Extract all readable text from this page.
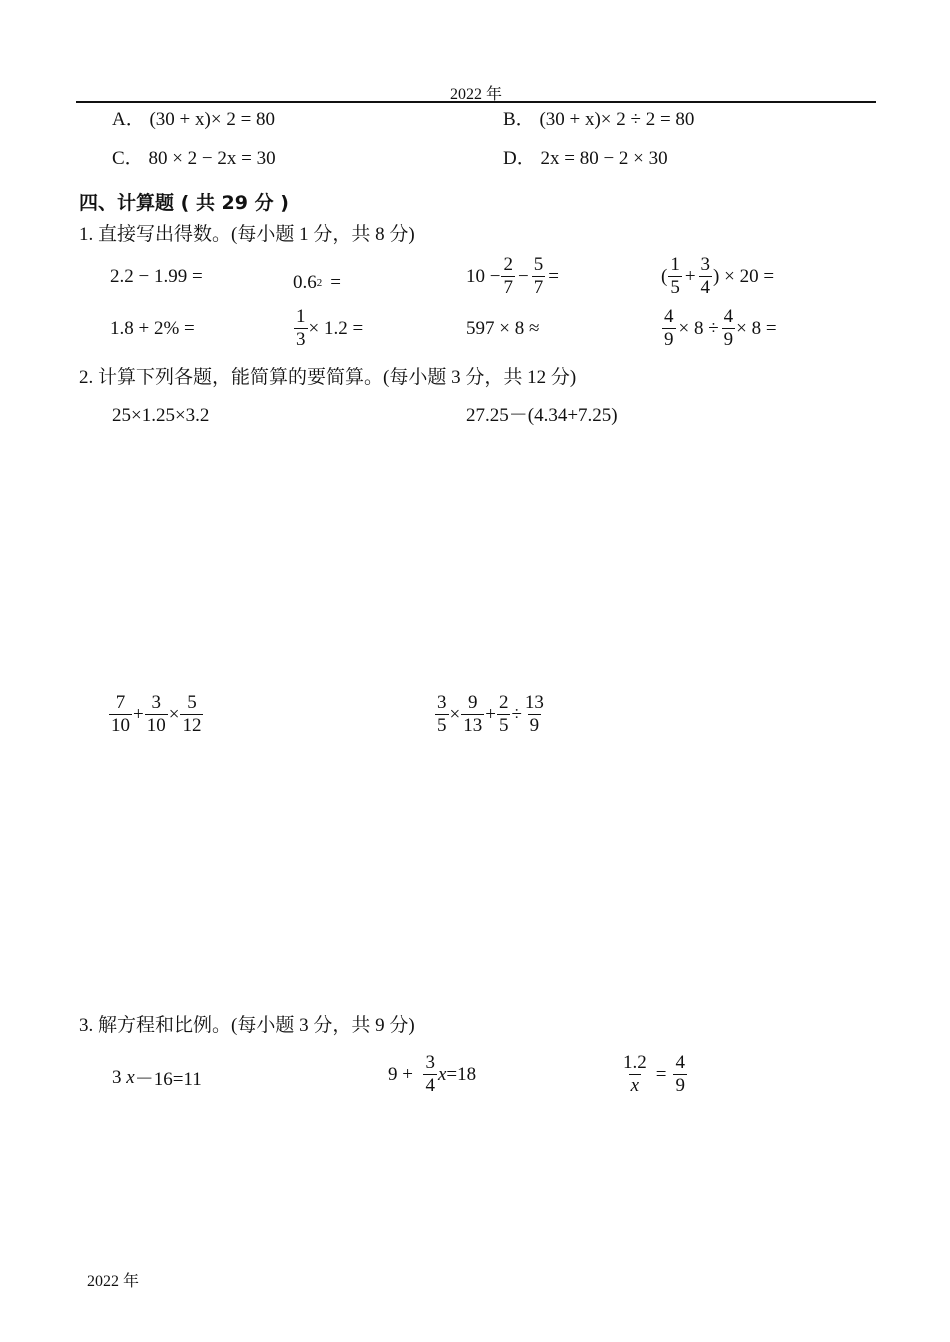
2022 年
A． (30 + x)× 2 = 80	B． (30 + x)× 2 ÷ 2 = 80
C． 80 × 2 − 2x = 30	D． 2x = 80 − 2 × 30
四、计算题 ( 共 29 分 )
1. 直接写出得数。(每小题 1 分，共 8 分)
2.2 − 1.99 =	0.6 2 =	$10 - \frac{2}{7} - \frac{5}{7}$ =	( $\frac{1}{5} + \frac{3}{4}$ ) × 20 =
1.8 + 2% =	$\frac{1}{3} \times 1.2$ =	597 × 8 ≈	$\frac{4}{9} \times 8 \div \frac{4}{9} \times 8$ =
2. 计算下列各题，能简算的要简算。(每小题 3 分，共 12 分)
25×1.25×3.2	27.25－(4.34+7.25)
$\frac{7}{10} + \frac{3}{10} \times \frac{5}{12}$	$\frac{3}{5} \times \frac{9}{13} + \frac{2}{5} \div \frac{13}{9}$
3. 解方程和比例。(每小题 3 分，共 9 分)
3
x －16=11	9 +
$\frac{3}{4}$ x =18	$\frac{1.2}{x} = \frac{4}{9}$
2022 年
